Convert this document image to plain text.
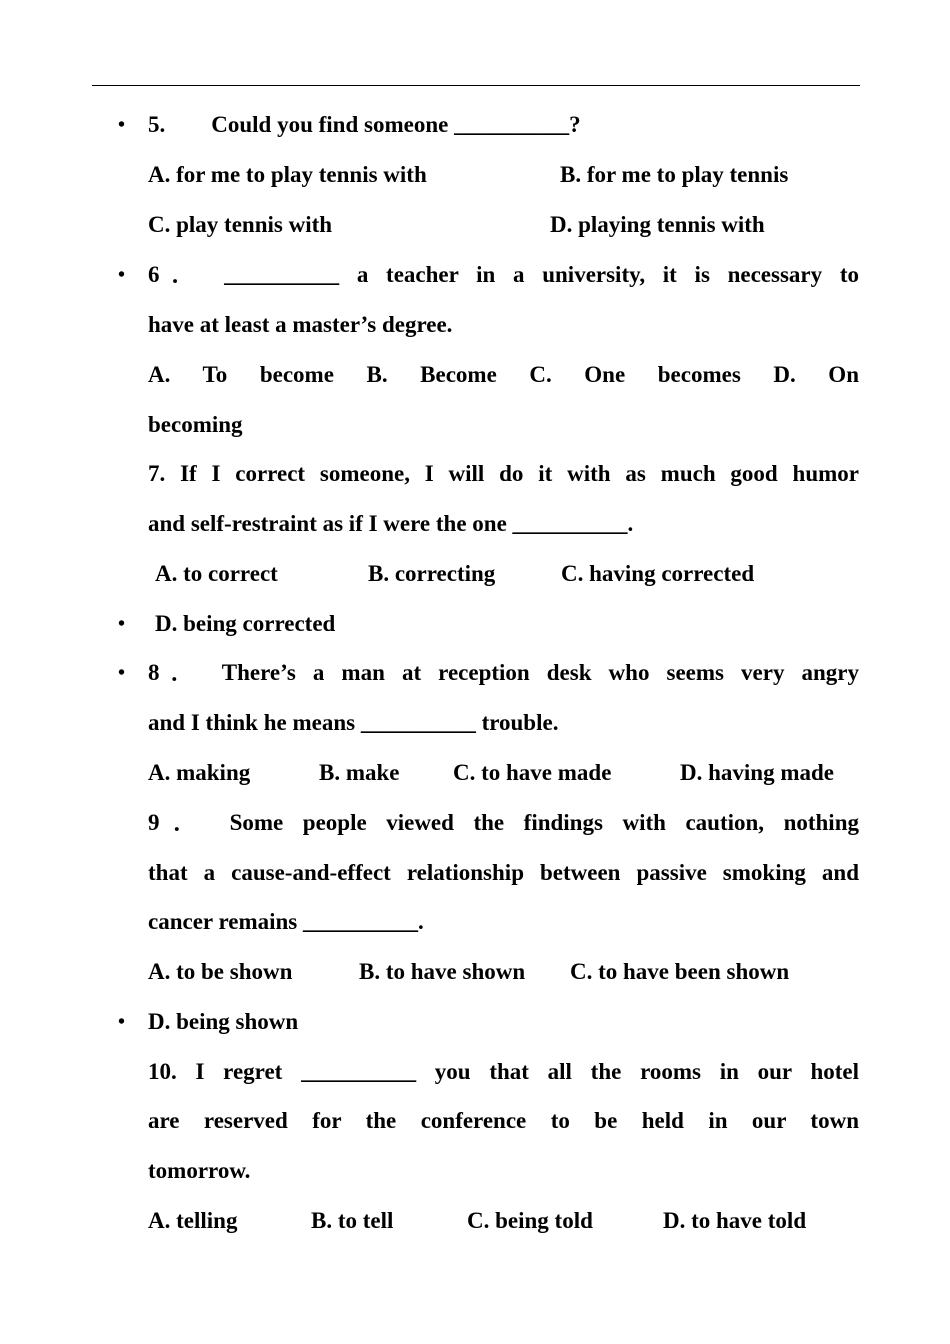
• 5.        Could you find someone __________?
A. for me to play tennis with	B. for me to play tennis
C. play tennis with	D. playing tennis with
• 6． __________ a teacher in a university, it is necessary to
have at least a master’s degree.
A. To become B. Become C. One becomes D. On
becoming
7. If I correct someone, I will do it with as much good humor
and self-restraint as if I were the one __________.
A. to correct	B. correcting	C. having corrected
•	D. being corrected
• 8． There’s a man at reception desk who seems very angry
and I think he means __________ trouble.
A. making	B. make C. to have made	D. having made
9． Some people viewed the findings with caution, nothing
that a cause-and-effect relationship between passive smoking and
cancer remains __________.
A. to be shown	B. to have shown C. to have been shown
• D. being shown
10. I regret __________ you that all the rooms in our hotel
are reserved for the conference to be held in our town
tomorrow.
A. telling	B. to tell	C. being told	D. to have told
